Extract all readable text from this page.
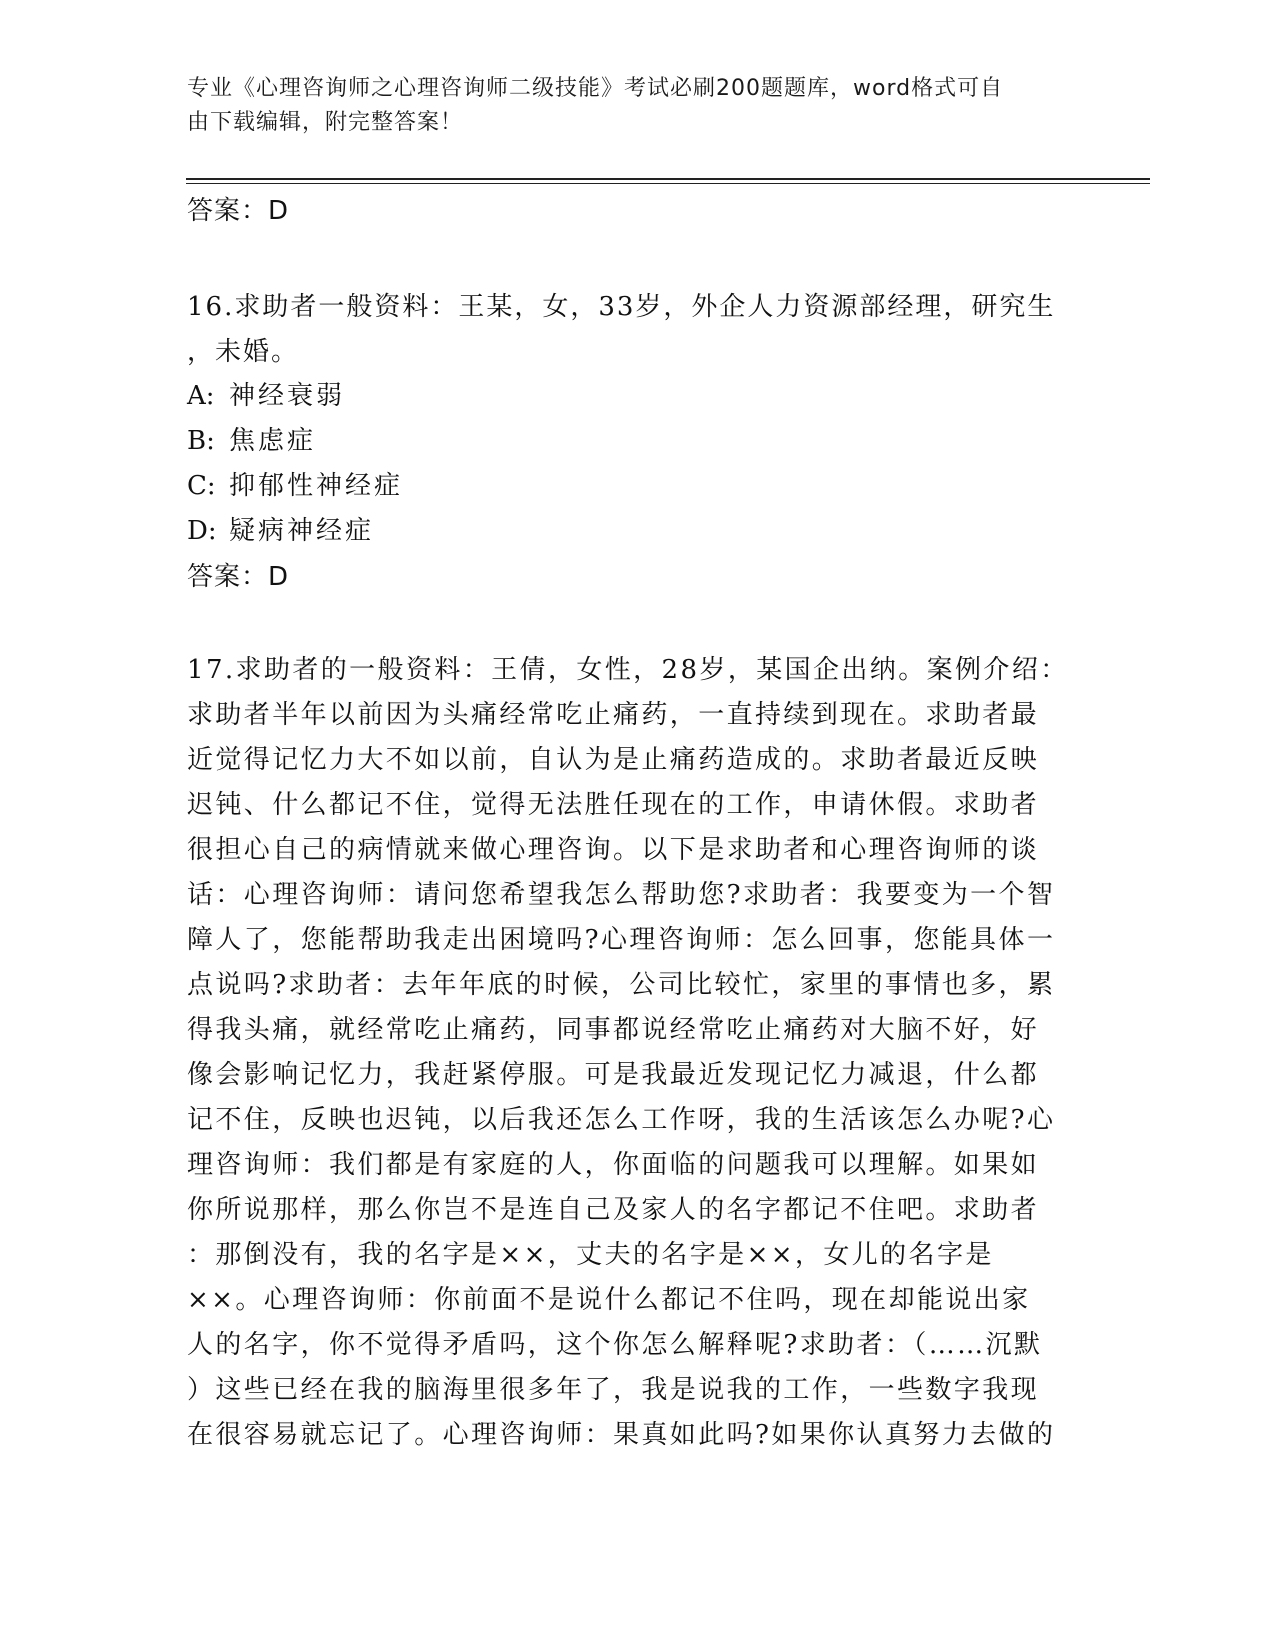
专业《心理咨询师之心理咨询师二级技能》考试必刷200题题库，word格式可自
由下载编辑，附完整答案！
答案：D
16.求助者一般资料：王某，女，33岁，外企人力资源部经理，研究生
，未婚。
A: 神经衰弱
B: 焦虑症
C: 抑郁性神经症
D: 疑病神经症
答案：D
17.求助者的一般资料：王倩，女性，28岁，某国企出纳。案例介绍：
求助者半年以前因为头痛经常吃止痛药，一直持续到现在。求助者最
近觉得记忆力大不如以前，自认为是止痛药造成的。求助者最近反映
迟钝、什么都记不住，觉得无法胜任现在的工作，申请休假。求助者
很担心自己的病情就来做心理咨询。以下是求助者和心理咨询师的谈
话：心理咨询师：请问您希望我怎么帮助您?求助者：我要变为一个智
障人了，您能帮助我走出困境吗?心理咨询师：怎么回事，您能具体一
点说吗?求助者：去年年底的时候，公司比较忙，家里的事情也多，累
得我头痛，就经常吃止痛药，同事都说经常吃止痛药对大脑不好，好
像会影响记忆力，我赶紧停服。可是我最近发现记忆力减退，什么都
记不住，反映也迟钝，以后我还怎么工作呀，我的生活该怎么办呢?心
理咨询师：我们都是有家庭的人，你面临的问题我可以理解。如果如
你所说那样，那么你岂不是连自己及家人的名字都记不住吧。求助者
：那倒没有，我的名字是××，丈夫的名字是××，女儿的名字是
××。心理咨询师：你前面不是说什么都记不住吗，现在却能说出家
人的名字，你不觉得矛盾吗，这个你怎么解释呢?求助者：（……沉默
）这些已经在我的脑海里很多年了，我是说我的工作，一些数字我现
在很容易就忘记了。心理咨询师：果真如此吗?如果你认真努力去做的
